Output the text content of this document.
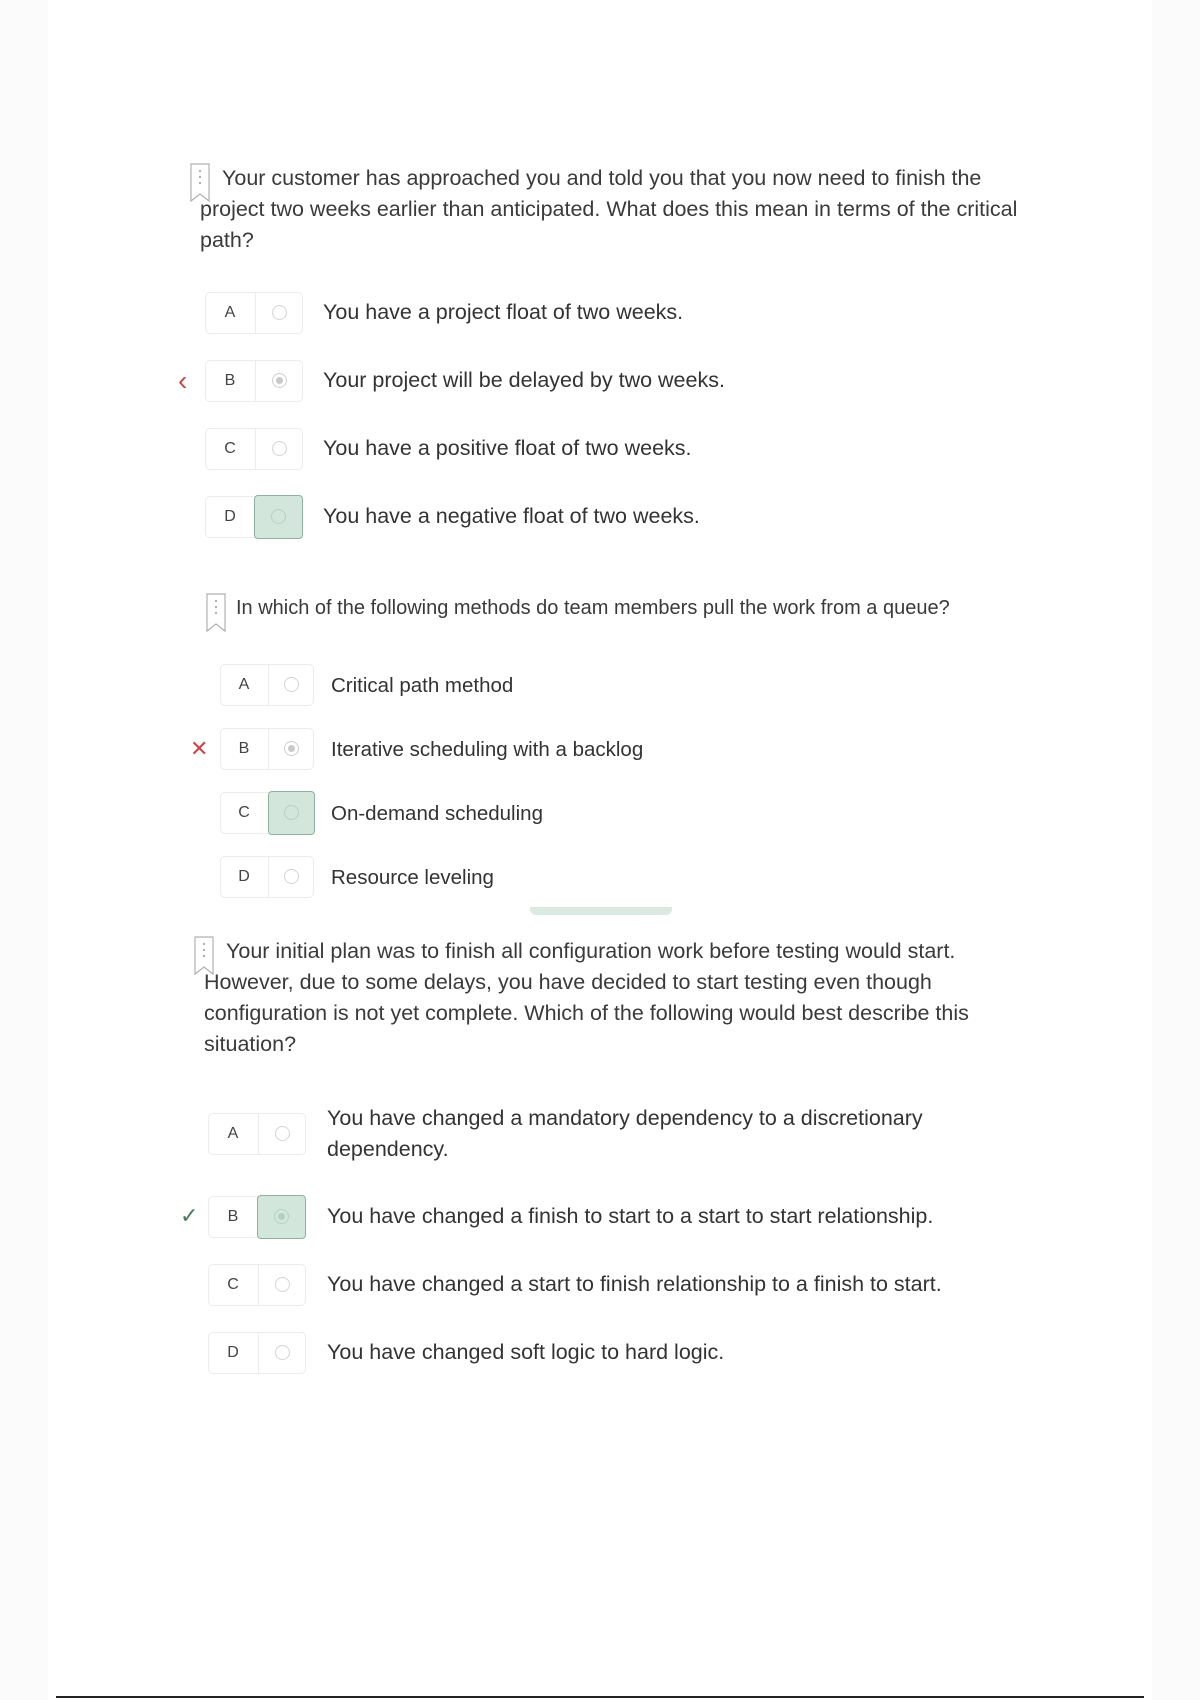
Your customer has approached you and told you that you now need to finish the project two weeks earlier than anticipated. What does this mean in terms of the critical path?
‹
A	You have a project float of two weeks.
B	Your project will be delayed by two weeks.
C	You have a positive float of two weeks.
D	You have a negative float of two weeks.
In which of the following methods do team members pull the work from a queue?
✕
A	Critical path method
B	Iterative scheduling with a backlog
C	On-demand scheduling
D	Resource leveling
Your initial plan was to finish all configuration work before testing would start. However, due to some delays, you have decided to start testing even though configuration is not yet complete. Which of the following would best describe this situation?
✓
A
You have changed a mandatory dependency to a discretionary dependency.
B	You have changed a finish to start to a start to start relationship.
C	You have changed a start to finish relationship to a finish to start.
D	You have changed soft logic to hard logic.
